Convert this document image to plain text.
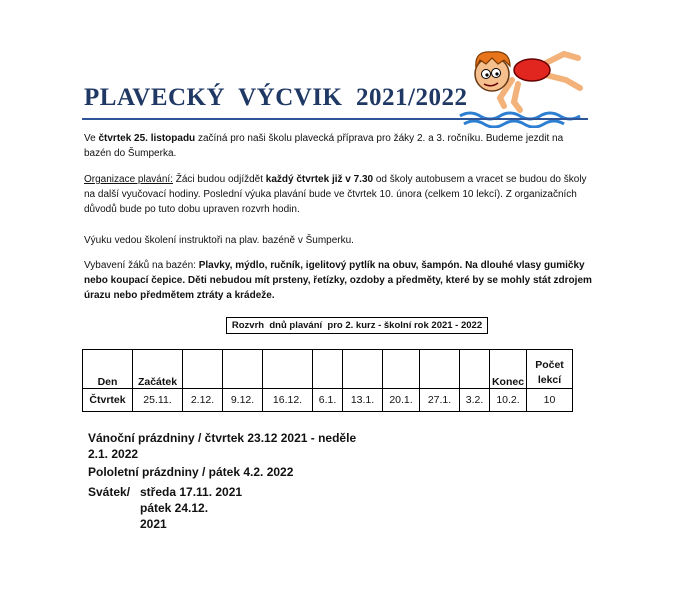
PLAVECKÝ  VÝCVIK  2021/2022
Ve čtvrtek 25. listopadu začíná pro naši školu plavecká příprava pro žáky 2. a 3. ročníku. Budeme jezdit na
bazén do Šumperka.
Organizace plavání: Žáci budou odjíždět každý čtvrtek již v 7.30 od školy autobusem a vracet se budou do školy
na další vyučovací hodiny. Poslední výuka plavání bude ve čtvrtek 10. února (celkem 10 lekcí). Z organizačních
důvodů bude po tuto dobu upraven rozvrh hodin.
Výuku vedou školení instruktoři na plav. bazéně v Šumperku.
Vybavení žáků na bazén: Plavky, mýdlo, ručník, igelitový pytlík na obuv, šampón. Na dlouhé vlasy gumičky
nebo koupací čepice. Děti nebudou mít prsteny, řetízky, ozdoby a předměty, které by se mohly stát zdrojem
úrazu nebo předmětem ztráty a krádeže.
Rozvrh  dnů plavání  pro 2. kurz - školní rok 2021 - 2022
Den	Začátek									Konec	Počet lekcí
Čtvrtek	25.11.	2.12.	9.12.	16.12.	6.1.	13.1.	20.1.	27.1.	3.2.	10.2.	10
Vánoční prázdniny / čtvrtek 23.12 2021 - neděle
2.1. 2022
Pololetní prázdniny / pátek 4.2. 2022
Svátek/ středa 17.11. 2021
pátek 24.12.
2021
